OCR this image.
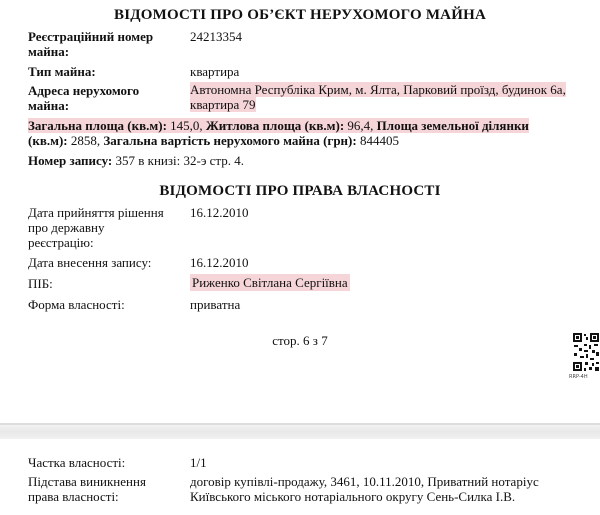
ВІДОМОСТІ ПРО ОБ’ЄКТ НЕРУХОМОГО МАЙНА
Реєстраційний номер
майна:
24213354
Тип майна:	квартира
Адреса нерухомого
майна:
Автономна Республіка Крим, м. Ялта, Парковий проїзд, будинок 6а,
квартира 79
Загальна площа (кв.м): 145,0, Житлова площа (кв.м): 96,4, Площа земельної ділянки
(кв.м): 2858, Загальна вартість нерухомого майна (грн): 844405
Номер запису: 357 в книзі: 32-э стр. 4.
ВІДОМОСТІ ПРО ПРАВА ВЛАСНОСТІ
Дата прийняття рішення
про державну
реєстрацію:
16.12.2010
Дата внесення запису:	16.12.2010
ПІБ:	Риженко Світлана Сергіївна
Форма власності:	приватна
стор. 6 з 7
RRP-4H
Частка власності:	1/1
Підстава виникнення
права власності:
договір купівлі-продажу, 3461, 10.11.2010, Приватний нотаріус
Київського міського нотаріального округу Сень-Силка І.В.
